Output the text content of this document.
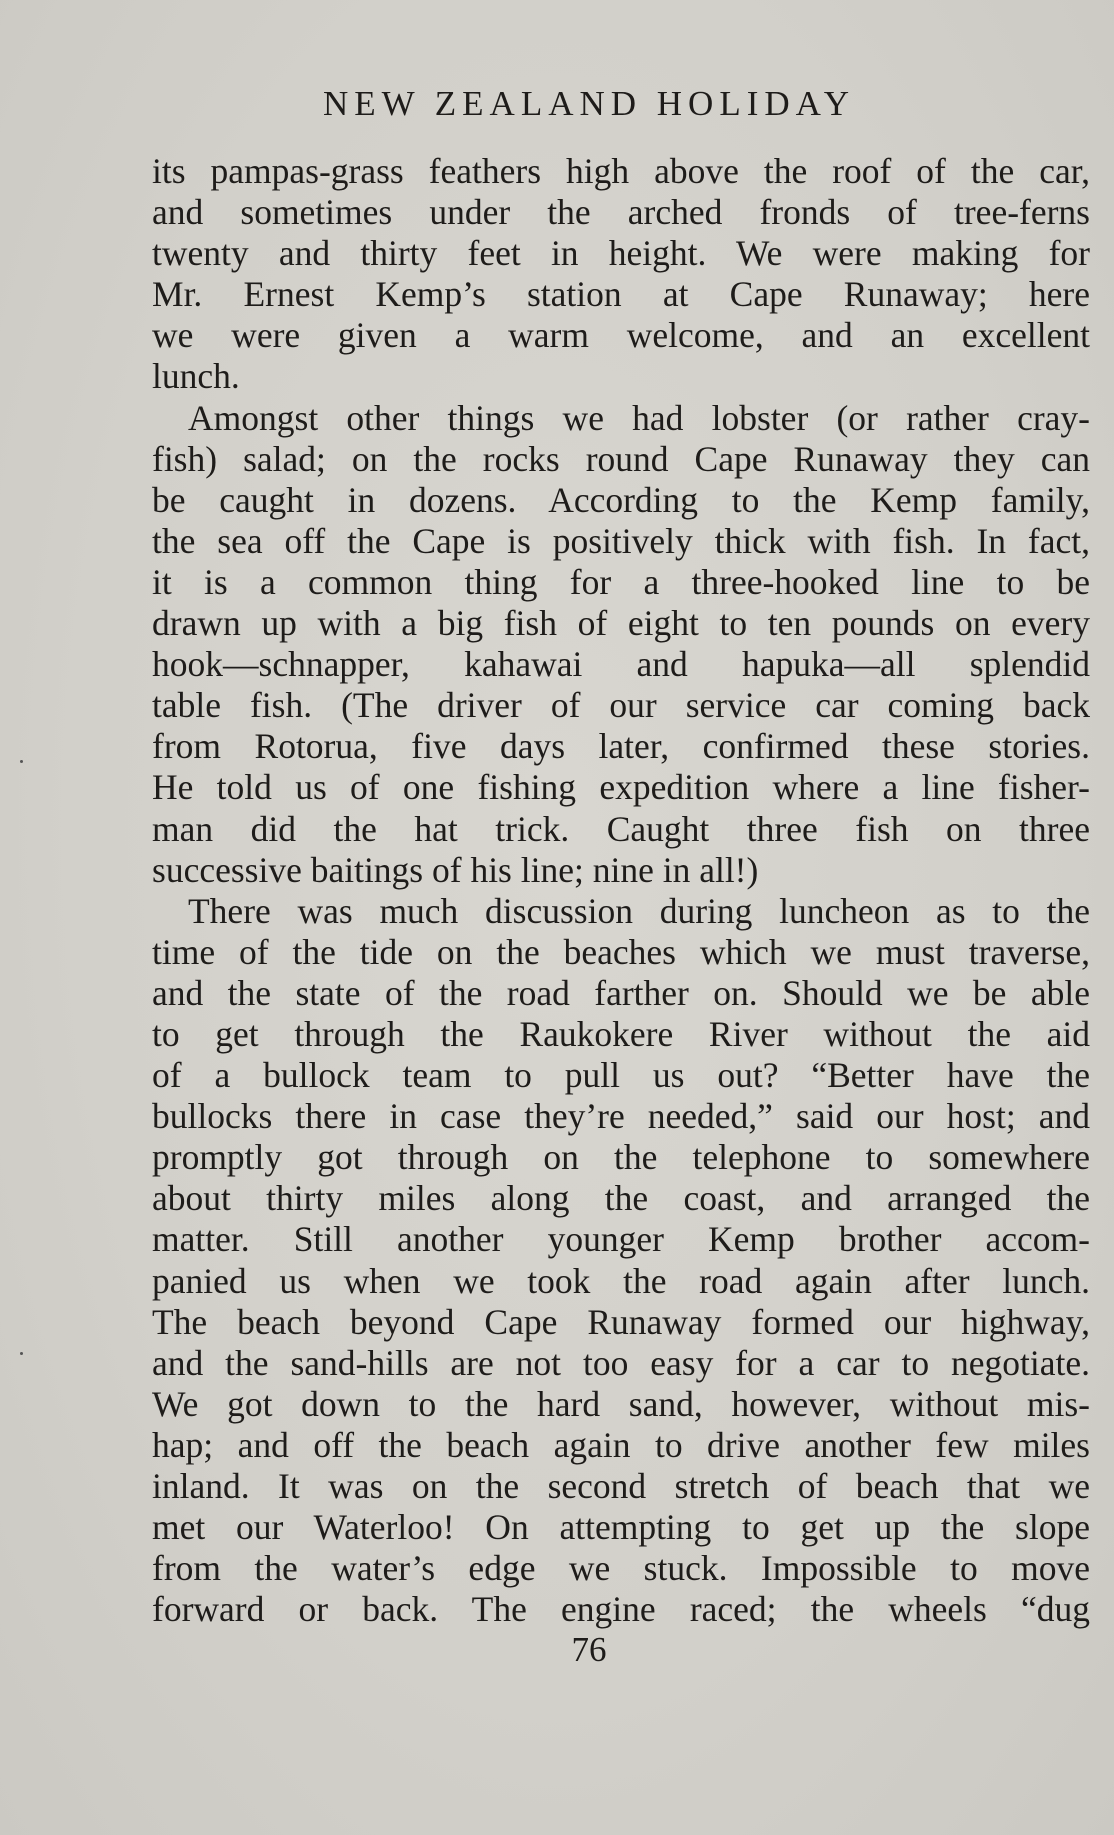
NEW ZEALAND HOLIDAY
its pampas-grass feathers high above the roof of the car,
and sometimes under the arched fronds of tree-ferns
twenty and thirty feet in height. We were making for
Mr. Ernest Kemp’s station at Cape Runaway; here
we were given a warm welcome, and an excellent
lunch.
Amongst other things we had lobster (or rather cray-
fish) salad; on the rocks round Cape Runaway they can
be caught in dozens. According to the Kemp family,
the sea off the Cape is positively thick with fish. In fact,
it is a common thing for a three-hooked line to be
drawn up with a big fish of eight to ten pounds on every
hook—schnapper, kahawai and hapuka—all splendid
table fish. (The driver of our service car coming back
from Rotorua, five days later, confirmed these stories.
He told us of one fishing expedition where a line fisher-
man did the hat trick. Caught three fish on three
successive baitings of his line; nine in all!)
There was much discussion during luncheon as to the
time of the tide on the beaches which we must traverse,
and the state of the road farther on. Should we be able
to get through the Raukokere River without the aid
of a bullock team to pull us out? “Better have the
bullocks there in case they’re needed,” said our host; and
promptly got through on the telephone to somewhere
about thirty miles along the coast, and arranged the
matter. Still another younger Kemp brother accom-
panied us when we took the road again after lunch.
The beach beyond Cape Runaway formed our highway,
and the sand-hills are not too easy for a car to negotiate.
We got down to the hard sand, however, without mis-
hap; and off the beach again to drive another few miles
inland. It was on the second stretch of beach that we
met our Waterloo! On attempting to get up the slope
from the water’s edge we stuck. Impossible to move
forward or back. The engine raced; the wheels “dug
76
